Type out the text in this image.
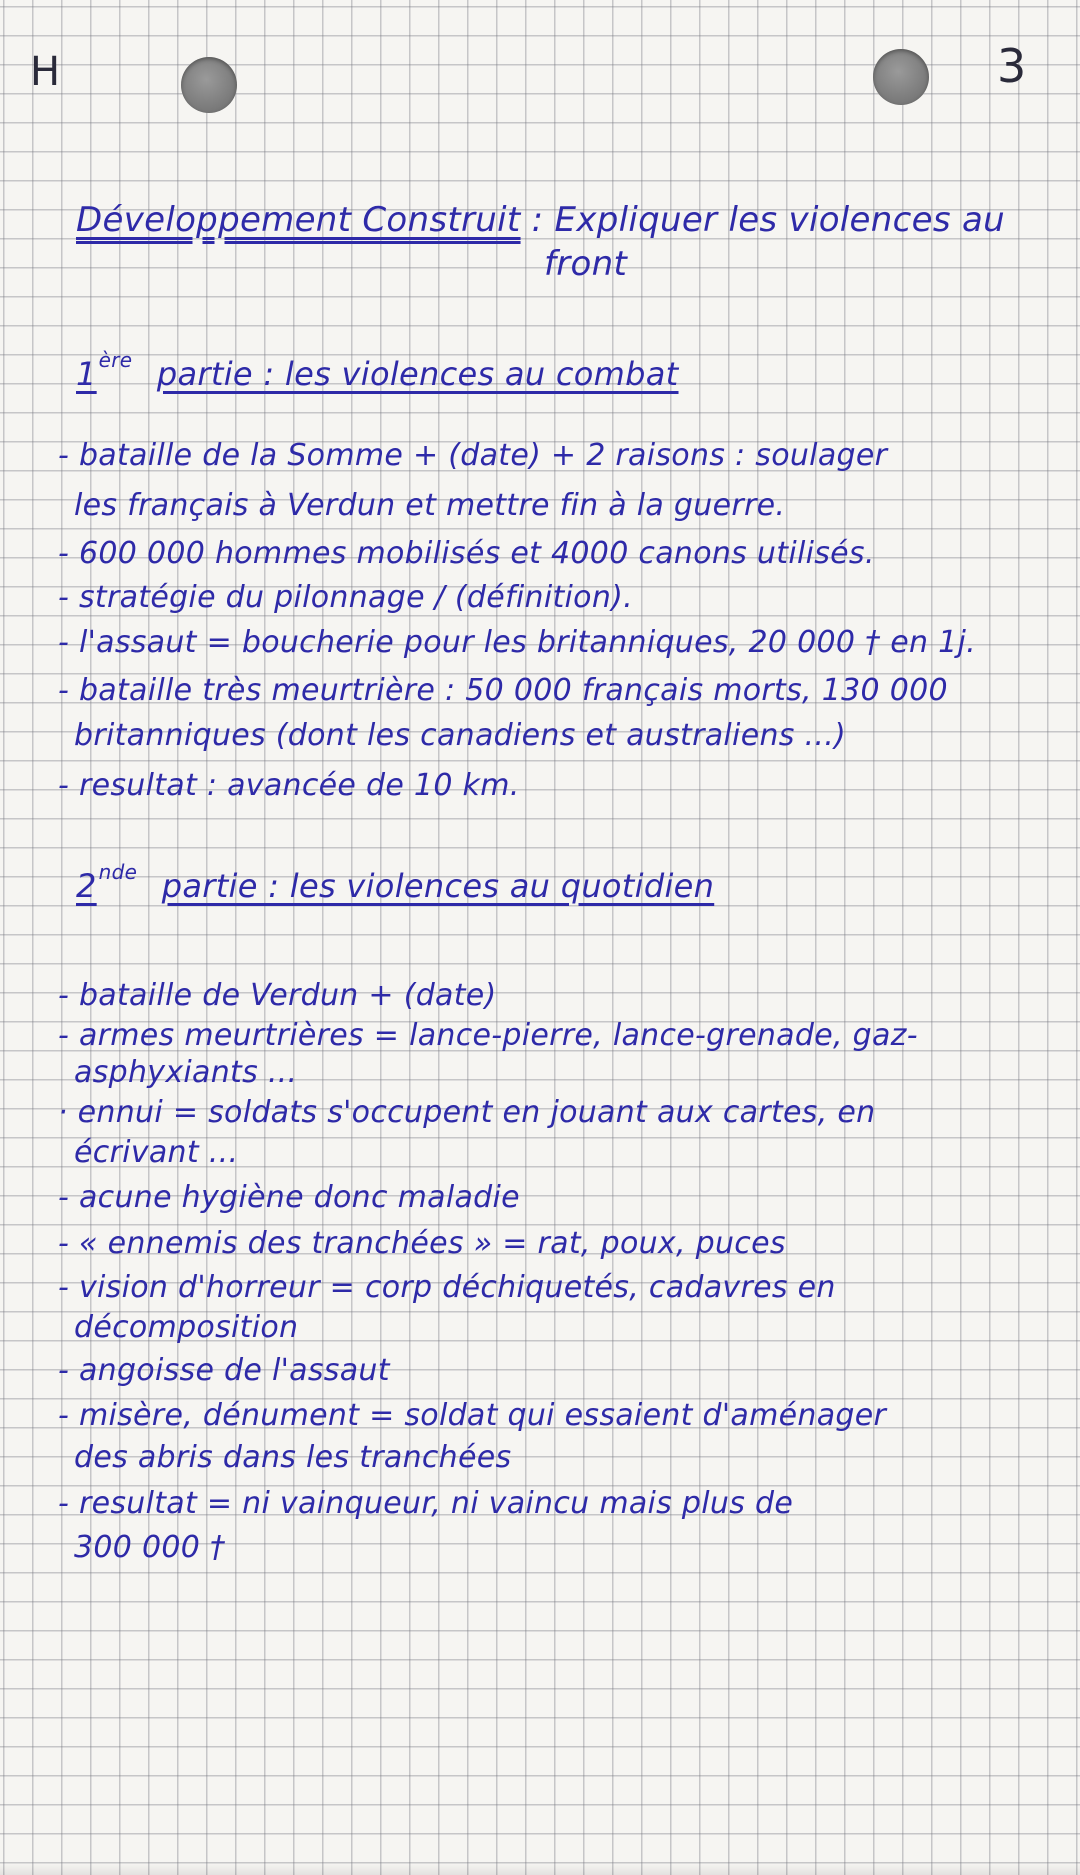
H	3
Développement Construit : Expliquer les violences au
front
1 $^{ère}$ partie : les violences au combat
- bataille de la Somme + (date) + 2 raisons : soulager
les français à Verdun et mettre fin à la guerre.
- 600 000 hommes mobilisés et 4000 canons utilisés.
- stratégie du pilonnage / (définition).
- l'assaut = boucherie pour les britanniques, 20 000 † en 1j.
- bataille très meurtrière : 50 000 français morts, 130 000
britanniques (dont les canadiens et australiens ...)
- resultat : avancée de 10 km.
2 $^{nde}$ partie : les violences au quotidien
- bataille de Verdun + (date)
- armes meurtrières = lance-pierre, lance-grenade, gaz-
asphyxiants ...
· ennui = soldats s'occupent en jouant aux cartes, en
écrivant ...
- acune hygiène donc maladie
- « ennemis des tranchées » = rat, poux, puces
- vision d'horreur = corp déchiquetés, cadavres en
décomposition
- angoisse de l'assaut
- misère, dénument = soldat qui essaient d'aménager
des abris dans les tranchées
- resultat = ni vainqueur, ni vaincu mais plus de
300 000 †
